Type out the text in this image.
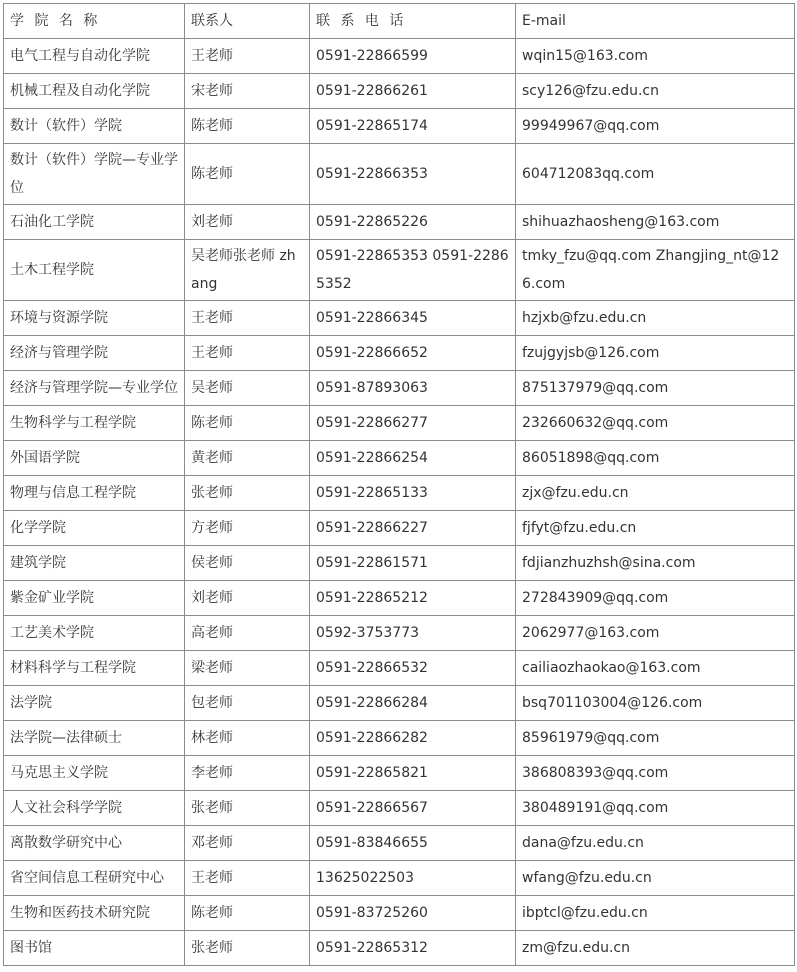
学 院 名 称	联系人	联 系 电 话	E-mail
电气工程与自动化学院	王老师	0591-22866599	wqin15@163.com
机械工程及自动化学院	宋老师	0591-22866261	scy126@fzu.edu.cn
数计（软件）学院	陈老师	0591-22865174	99949967@qq.com
数计（软件）学院—专业学位	陈老师	0591-22866353	604712083qq.com
石油化工学院	刘老师	0591-22865226	shihuazhaosheng@163.com
土木工程学院	吴老师张老师 zhang	0591-22865353 0591-22865352	tmky_fzu@qq.com Zhangjing_nt@126.com
环境与资源学院	王老师	0591-22866345	hzjxb@fzu.edu.cn
经济与管理学院	王老师	0591-22866652	fzujgyjsb@126.com
经济与管理学院—专业学位	吴老师	0591-87893063	875137979@qq.com
生物科学与工程学院	陈老师	0591-22866277	232660632@qq.com
外国语学院	黄老师	0591-22866254	86051898@qq.com
物理与信息工程学院	张老师	0591-22865133	zjx@fzu.edu.cn
化学学院	方老师	0591-22866227	fjfyt@fzu.edu.cn
建筑学院	侯老师	0591-22861571	fdjianzhuzhsh@sina.com
紫金矿业学院	刘老师	0591-22865212	272843909@qq.com
工艺美术学院	高老师	0592-3753773	2062977@163.com
材料科学与工程学院	梁老师	0591-22866532	cailiaozhaokao@163.com
法学院	包老师	0591-22866284	bsq701103004@126.com
法学院—法律硕士	林老师	0591-22866282	85961979@qq.com
马克思主义学院	李老师	0591-22865821	386808393@qq.com
人文社会科学学院	张老师	0591-22866567	380489191@qq.com
离散数学研究中心	邓老师	0591-83846655	dana@fzu.edu.cn
省空间信息工程研究中心	王老师	13625022503	wfang@fzu.edu.cn
生物和医药技术研究院	陈老师	0591-83725260	ibptcl@fzu.edu.cn
图书馆	张老师	0591-22865312	zm@fzu.edu.cn
